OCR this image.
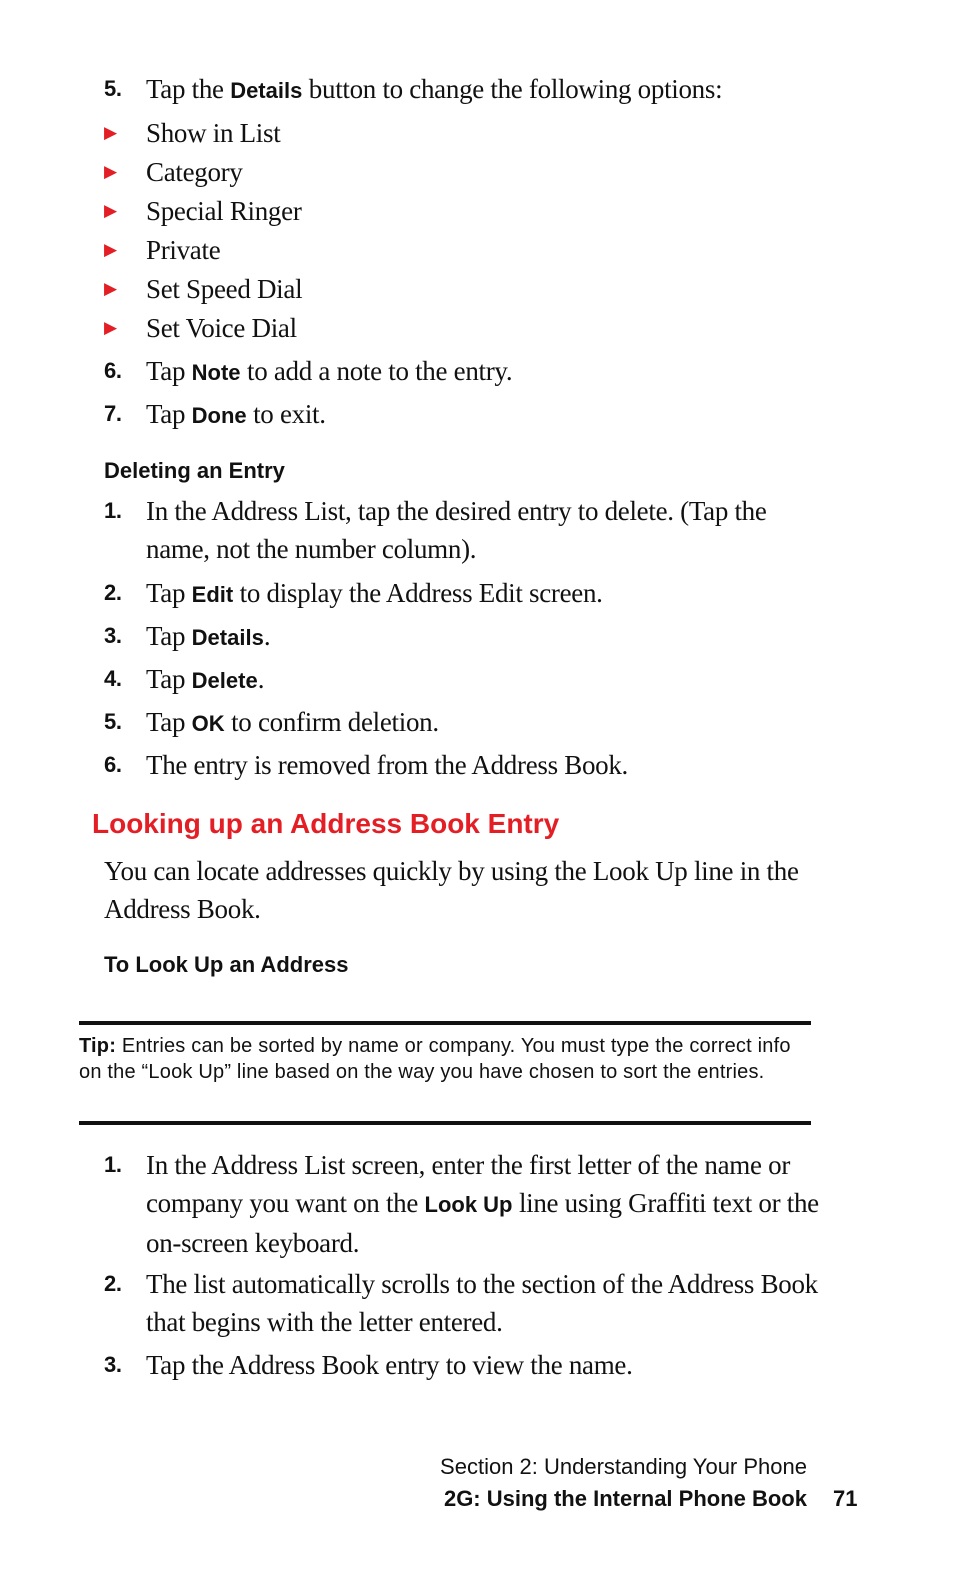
5. Tap the Details button to change the following options:
▶ Show in List
▶ Category
▶ Special Ringer
▶ Private
▶ Set Speed Dial
▶ Set Voice Dial
6. Tap Note to add a note to the entry.
7. Tap Done to exit.
Deleting an Entry
1. In the Address List, tap the desired entry to delete. (Tap the name, not the number column).
2. Tap Edit to display the Address Edit screen.
3. Tap Details.
4. Tap Delete.
5. Tap OK to confirm deletion.
6. The entry is removed from the Address Book.
Looking up an Address Book Entry
You can locate addresses quickly by using the Look Up line in the Address Book.
To Look Up an Address
Tip: Entries can be sorted by name or company. You must type the correct info on the “Look Up” line based on the way you have chosen to sort the entries.
1. In the Address List screen, enter the first letter of the name or company you want on the Look Up line using Graffiti text or the on-screen keyboard.
2. The list automatically scrolls to the section of the Address Book that begins with the letter entered.
3. Tap the Address Book entry to view the name.
Section 2: Understanding Your Phone
2G: Using the Internal Phone Book 71
